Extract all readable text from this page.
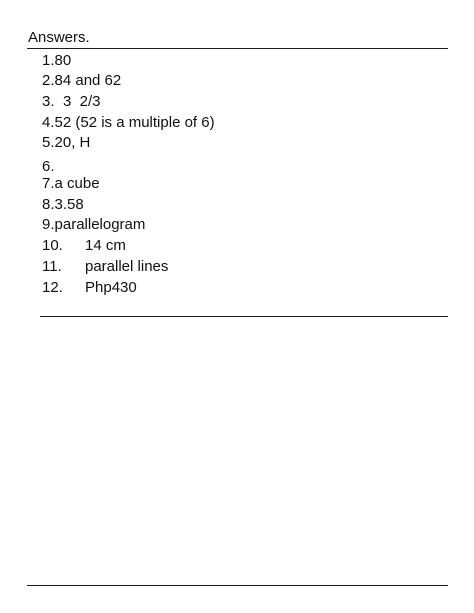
Answers.
1.80
2.84 and 62
3. 3  2/3
4.52 (52 is a multiple of 6)
5.20, H
6.
7.a cube
8.3.58
9.parallelogram
10. 14 cm
11. parallel lines
12. Php430
